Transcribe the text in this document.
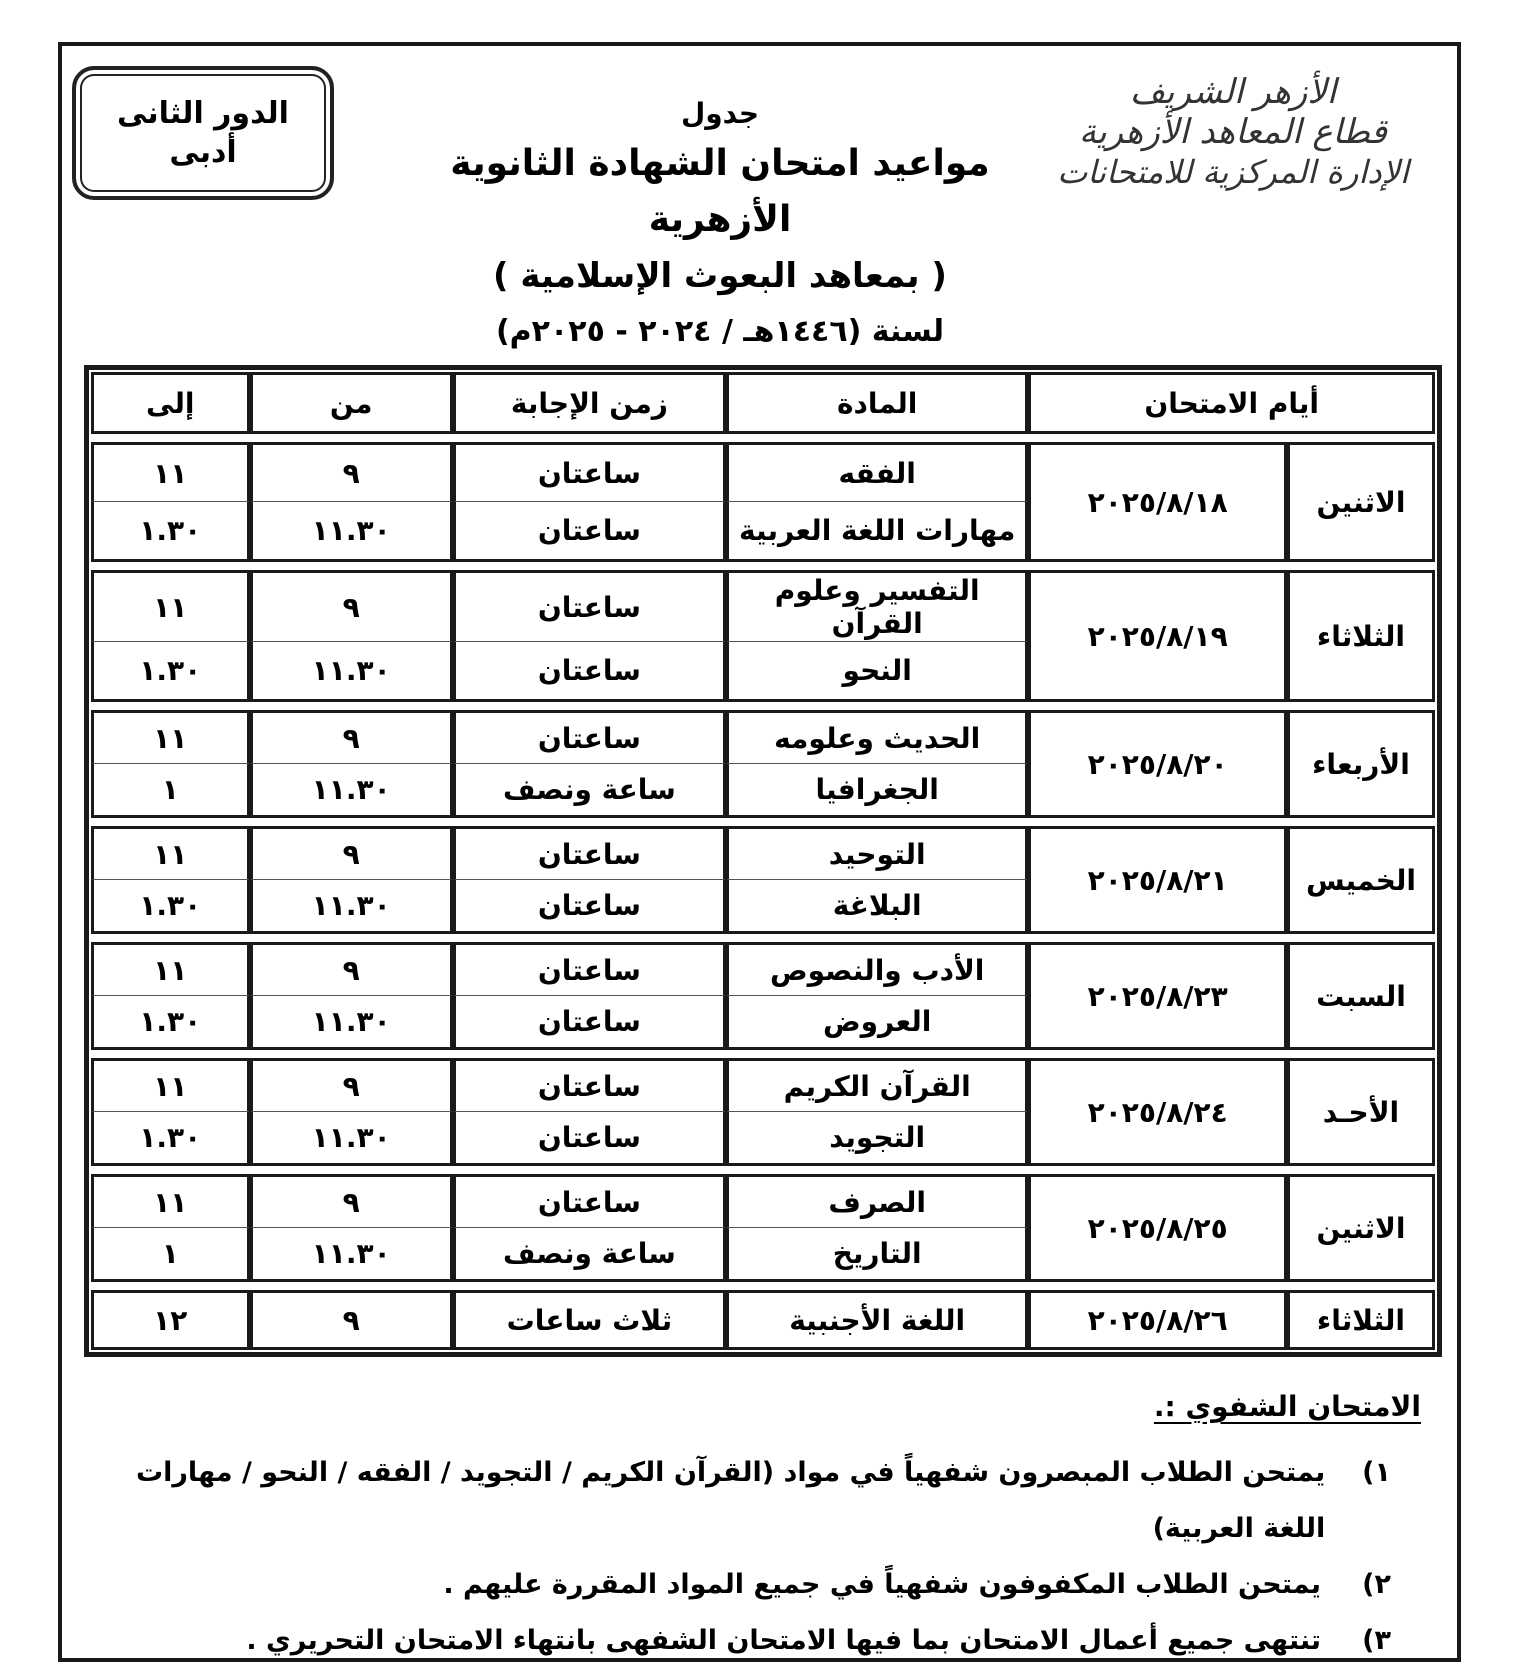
الدور الثانى
أدبى
الأزهر الشريف
قطاع المعاهد الأزهرية
الإدارة المركزية للامتحانات
جدول
مواعيد امتحان الشهادة الثانوية الأزهرية
( بمعاهد البعوث الإسلامية )
لسنة (١٤٤٦هـ / ٢٠٢٤ - ٢٠٢٥م)
أيام الامتحان		المادة	زمن الإجابة	من	إلى

الاثنين	٢٠٢٥/٨/١٨	الفقه	ساعتان	٩	١١
		مهارات اللغة العربية	ساعتان	١١.٣٠	١.٣٠

الثلاثاء	٢٠٢٥/٨/١٩	التفسير وعلوم القرآن	ساعتان	٩	١١
		النحو	ساعتان	١١.٣٠	١.٣٠

الأربعاء	٢٠٢٥/٨/٢٠	الحديث وعلومه	ساعتان	٩	١١
		الجغرافيا	ساعة ونصف	١١.٣٠	١

الخميس	٢٠٢٥/٨/٢١	التوحيد	ساعتان	٩	١١
		البلاغة	ساعتان	١١.٣٠	١.٣٠

السبت	٢٠٢٥/٨/٢٣	الأدب والنصوص	ساعتان	٩	١١
		العروض	ساعتان	١١.٣٠	١.٣٠

الأحـد	٢٠٢٥/٨/٢٤	القرآن الكريم	ساعتان	٩	١١
		التجويد	ساعتان	١١.٣٠	١.٣٠

الاثنين	٢٠٢٥/٨/٢٥	الصرف	ساعتان	٩	١١
		التاريخ	ساعة ونصف	١١.٣٠	١

الثلاثاء	٢٠٢٥/٨/٢٦	اللغة الأجنبية	ثلاث ساعات	٩	١٢
الامتحان الشفوي :.
١)
يمتحن الطلاب المبصرون شفهياً في مواد (القرآن الكريم / التجويد / الفقه / النحو / مهارات اللغة العربية)
٢)
يمتحن الطلاب المكفوفون شفهياً في جميع المواد المقررة عليهم .
٣)
تنتهى جميع أعمال الامتحان بما فيها الامتحان الشفهى بانتهاء الامتحان التحريري .
